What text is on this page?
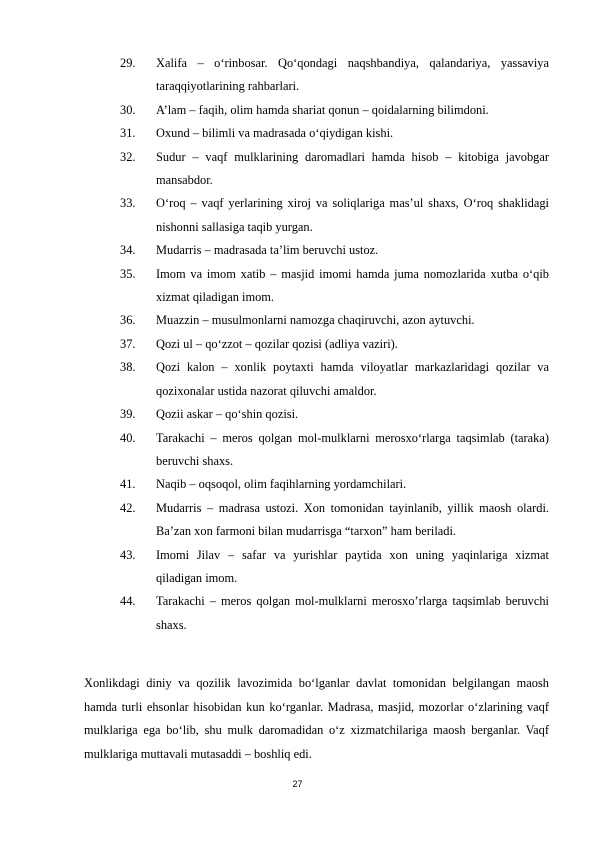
29.	Xalifa – o‘rinbosar. Qo‘qondagi naqshbandiya, qalandariya, yassaviya taraqqiyotlarining rahbarlari.
30.	A’lam – faqih, olim hamda shariat qonun – qoidalarning bilimdoni.
31.	Oxund – bilimli va madrasada o‘qiydigan kishi.
32.	Sudur – vaqf mulklarining daromadlari hamda hisob – kitobiga javobgar mansabdor.
33.	O‘roq – vaqf yerlarining xiroj va soliqlariga mas’ul shaxs, O‘roq shaklidagi nishonni sallasiga taqib yurgan.
34.	Mudarris – madrasada ta’lim beruvchi ustoz.
35.	Imom va imom xatib – masjid imomi hamda juma nomozlarida xutba o‘qib xizmat qiladigan imom.
36.	Muazzin – musulmonlarni namozga chaqiruvchi, azon aytuvchi.
37.	Qozi ul – qo‘zzot – qozilar qozisi (adliya vaziri).
38.	Qozi kalon – xonlik poytaxti hamda viloyatlar markazlaridagi qozilar va qozixonalar ustida nazorat qiluvchi amaldor.
39.	Qozii askar – qo‘shin qozisi.
40.	Tarakachi – meros qolgan mol-mulklarni merosxo‘rlarga taqsimlab (taraka) beruvchi shaxs.
41.	Naqib – oqsoqol, olim faqihlarning yordamchilari.
42.	Mudarris – madrasa ustozi. Xon tomonidan tayinlanib, yillik maosh olardi. Ba’zan xon farmoni bilan mudarrisga “tarxon” ham beriladi.
43.	Imomi Jilav – safar va yurishlar paytida xon uning yaqinlariga xizmat qiladigan imom.
44.	Tarakachi – meros qolgan mol-mulklarni merosxo’rlarga taqsimlab beruvchi shaxs.

Xonlikdagi diniy va qozilik lavozimida bo‘lganlar davlat tomonidan belgilangan maosh hamda turli ehsonlar hisobidan kun ko‘rganlar. Madrasa, masjid, mozorlar o‘zlarining vaqf mulklariga ega bo‘lib, shu mulk daromadidan o‘z xizmatchilariga maosh berganlar. Vaqf mulklariga muttavali mutasaddi – boshliq edi.

27
